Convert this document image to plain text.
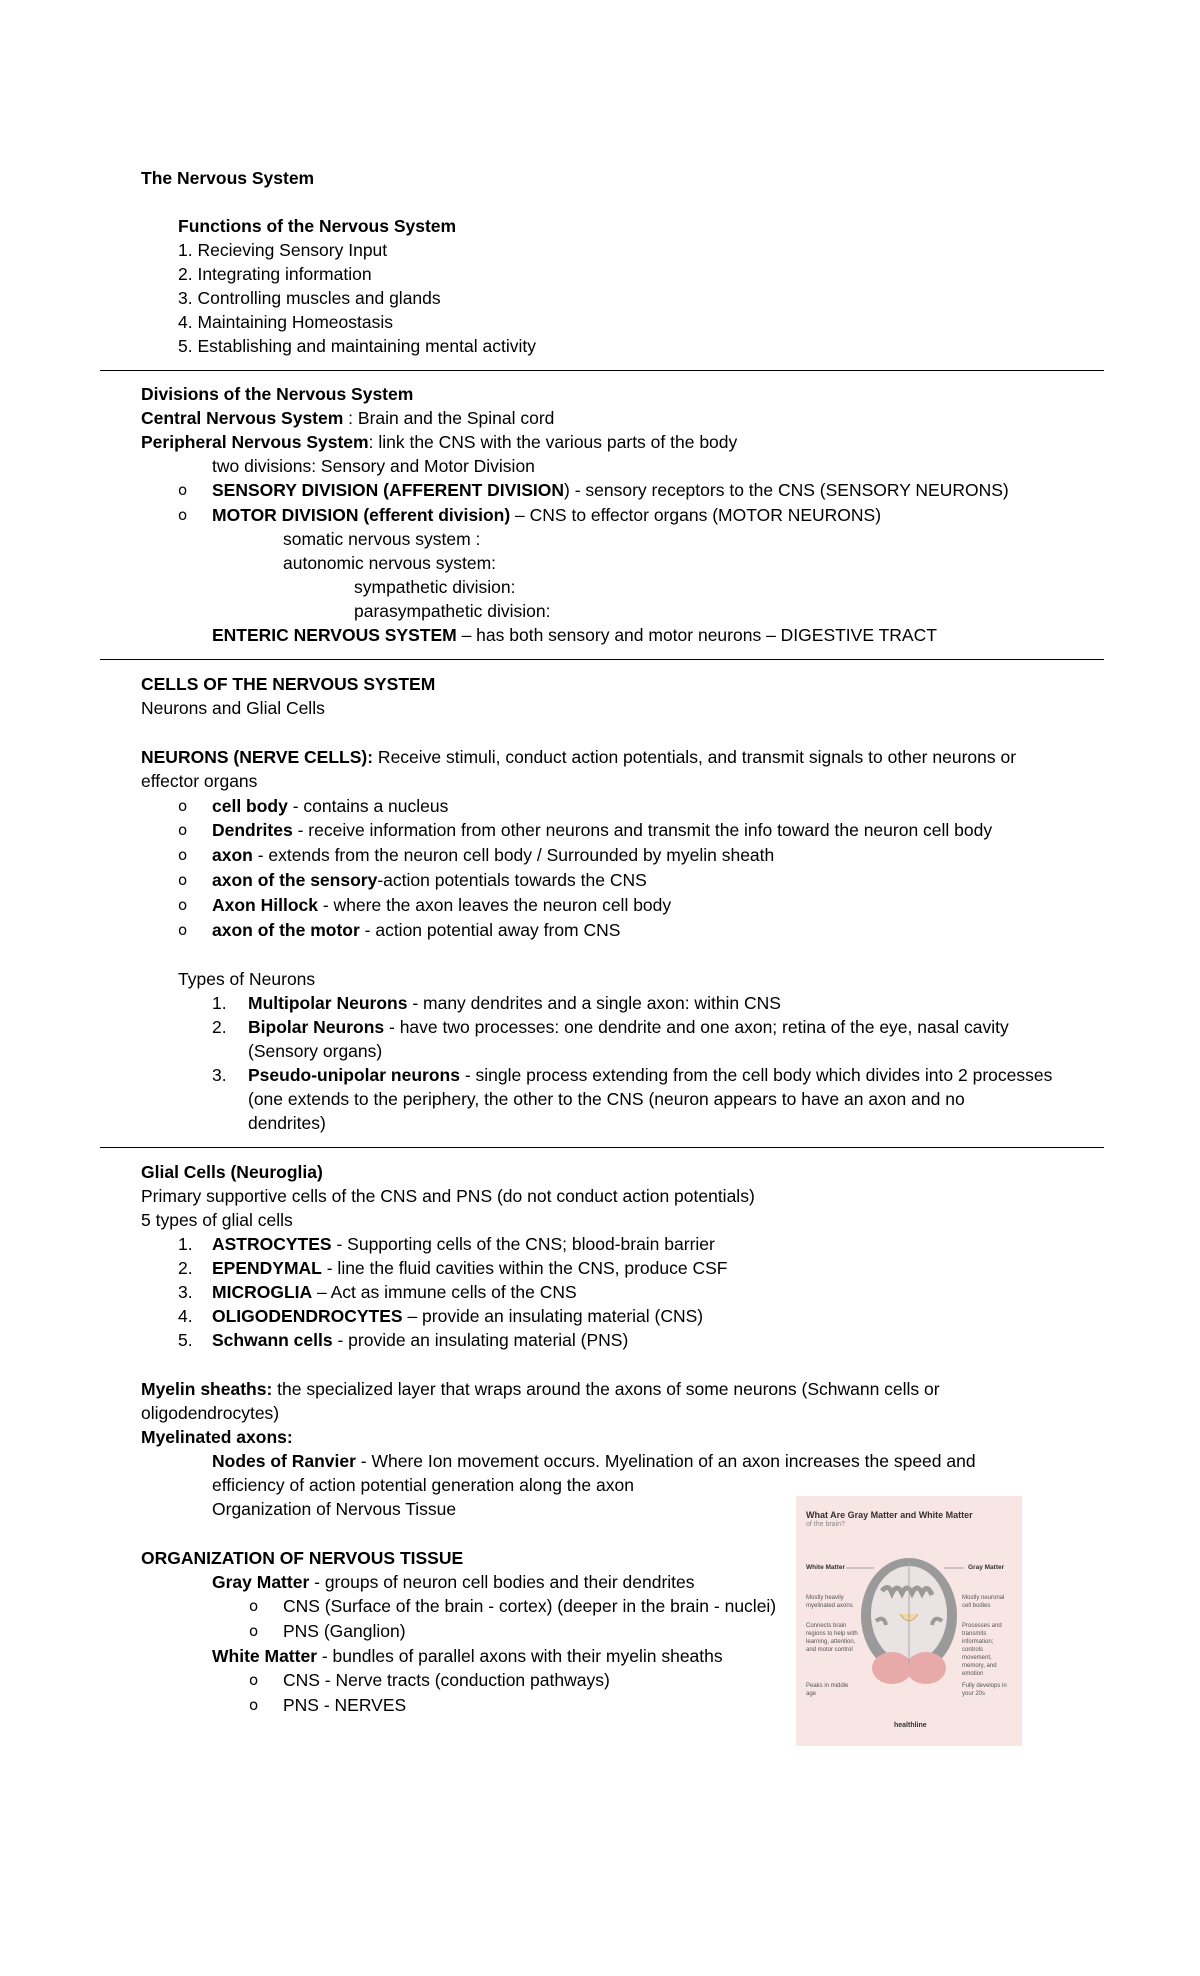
The Nervous System
Functions of the Nervous System
1. Recieving Sensory Input
2. Integrating information
3. Controlling muscles and glands
4. Maintaining Homeostasis
5. Establishing and maintaining mental activity
Divisions of the Nervous System
Central Nervous System : Brain and the Spinal cord
Peripheral Nervous System: link the CNS with the various parts of the body
two divisions: Sensory and Motor Division
o SENSORY DIVISION (AFFERENT DIVISION) - sensory receptors to the CNS (SENSORY NEURONS)
o MOTOR DIVISION (efferent division) – CNS to effector organs (MOTOR NEURONS)
somatic nervous system :
autonomic nervous system:
sympathetic division:
parasympathetic division:
ENTERIC NERVOUS SYSTEM – has both sensory and motor neurons – DIGESTIVE TRACT
CELLS OF THE NERVOUS SYSTEM
Neurons and Glial Cells
NEURONS (NERVE CELLS): Receive stimuli, conduct action potentials, and transmit signals to other neurons or
effector organs
o cell body - contains a nucleus
o Dendrites - receive information from other neurons and transmit the info toward the neuron cell body
o axon - extends from the neuron cell body / Surrounded by myelin sheath
o axon of the sensory-action potentials towards the CNS
o Axon Hillock - where the axon leaves the neuron cell body
o axon of the motor - action potential away from CNS
Types of Neurons
1. Multipolar Neurons - many dendrites and a single axon: within CNS
2. Bipolar Neurons - have two processes: one dendrite and one axon; retina of the eye, nasal cavity
(Sensory organs)
3. Pseudo-unipolar neurons - single process extending from the cell body which divides into 2 processes
(one extends to the periphery, the other to the CNS (neuron appears to have an axon and no
dendrites)
Glial Cells (Neuroglia)
Primary supportive cells of the CNS and PNS (do not conduct action potentials)
5 types of glial cells
1. ASTROCYTES - Supporting cells of the CNS; blood-brain barrier
2. EPENDYMAL - line the fluid cavities within the CNS, produce CSF
3. MICROGLIA – Act as immune cells of the CNS
4. OLIGODENDROCYTES – provide an insulating material (CNS)
5. Schwann cells - provide an insulating material (PNS)
Myelin sheaths: the specialized layer that wraps around the axons of some neurons (Schwann cells or
oligodendrocytes)
Myelinated axons:
Nodes of Ranvier - Where Ion movement occurs. Myelination of an axon increases the speed and
efficiency of action potential generation along the axon
Organization of Nervous Tissue
ORGANIZATION OF NERVOUS TISSUE
Gray Matter - groups of neuron cell bodies and their dendrites
o CNS (Surface of the brain - cortex) (deeper in the brain - nuclei)
o PNS (Ganglion)
White Matter - bundles of parallel axons with their myelin sheaths
o CNS - Nerve tracts (conduction pathways)
o PNS - NERVES
What Are Gray Matter and White Matter
of the brain?
White Matter	Gray Matter
Mostly heavily myelinated axons
Connects brain regions to help with learning, attention, and motor control
Peaks in middle age
Mostly neuronal cell bodies
Processes and transmits information; controls movement, memory, and emotion
Fully develops in your 20s
healthline
